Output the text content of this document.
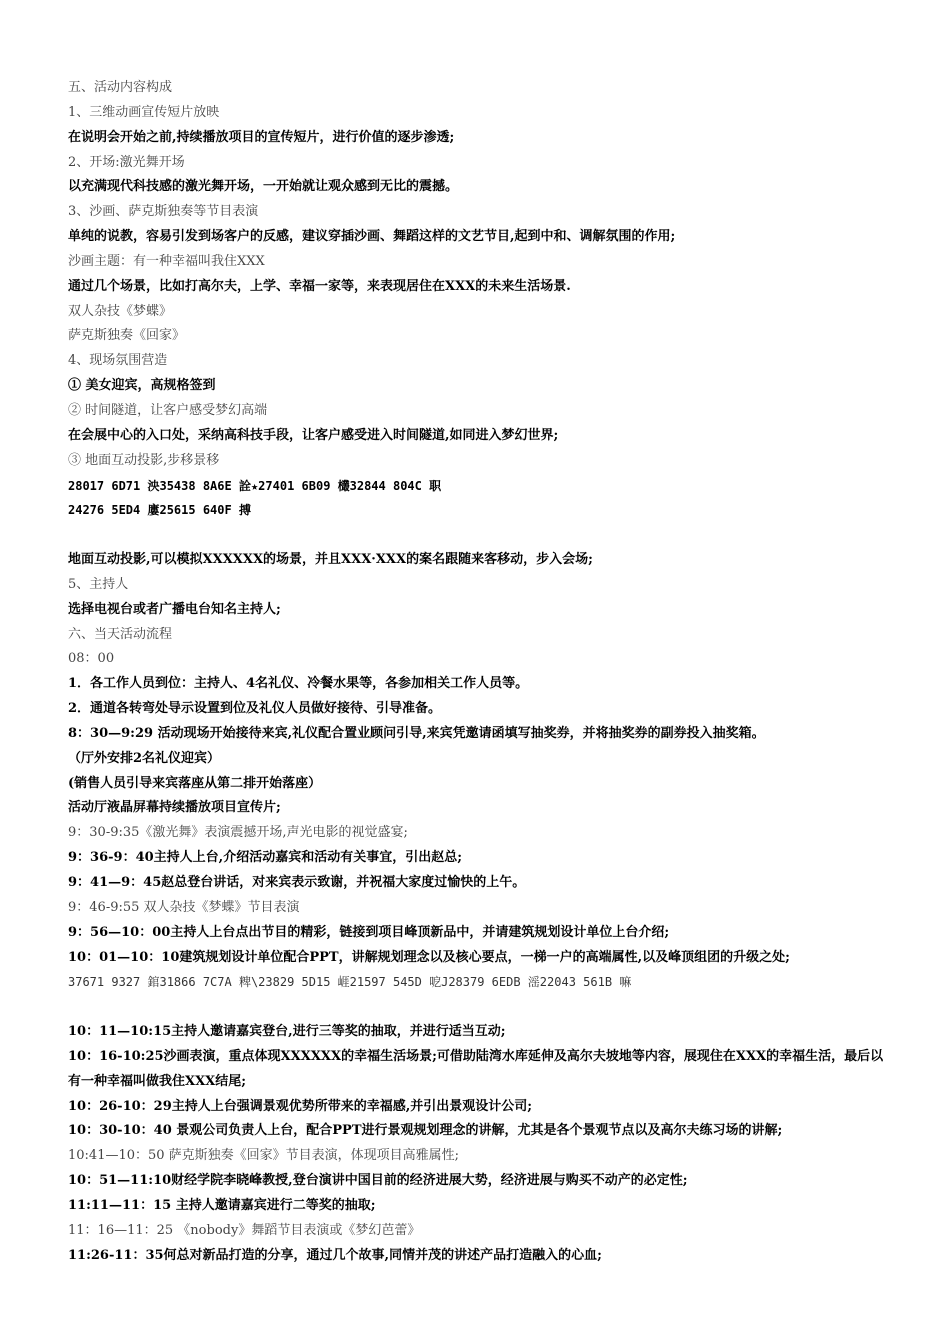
五、活动内容构成
1、三维动画宣传短片放映
在说明会开始之前,持续播放项目的宣传短片，进行价值的逐步渗透;
2、开场:激光舞开场
以充满现代科技感的激光舞开场，一开始就让观众感到无比的震撼。
3、沙画、萨克斯独奏等节目表演
单纯的说教，容易引发到场客户的反感，建议穿插沙画、舞蹈这样的文艺节目,起到中和、调解氛围的作用;
沙画主题：有一种幸福叫我住XXX
通过几个场景，比如打高尔夫，上学、幸福一家等，来表现居住在XXX的未来生活场景.
双人杂技《梦蝶》
萨克斯独奏《回家》
4、现场氛围营造
① 美女迎宾，高规格签到
② 时间隧道，让客户感受梦幻高端
在会展中心的入口处，采纳高科技手段，让客户感受进入时间隧道,如同进入梦幻世界;
③ 地面互动投影,步移景移
28017 6D71 泱35438 8A6E 詮★27401 6B09 欉32844 804C 职
24276 5ED4 廔25615 640F 搏
地面互动投影,可以模拟XXXXXX的场景，并且XXX·XXX的案名跟随来客移动，步入会场;
5、主持人
选择电视台或者广播电台知名主持人;
六、当天活动流程
08：00
1．各工作人员到位：主持人、4名礼仪、冷餐水果等，各参加相关工作人员等。
2．通道各转弯处导示设置到位及礼仪人员做好接待、引导准备。
8：30—9:29 活动现场开始接待来宾,礼仪配合置业顾问引导,来宾凭邀请函填写抽奖券，并将抽奖券的副券投入抽奖箱。
（厅外安排2名礼仪迎宾）
(销售人员引导来宾落座从第二排开始落座）
活动厅液晶屏幕持续播放项目宣传片;
9：30-9:35《激光舞》表演震撼开场,声光电影的视觉盛宴;
9：36-9：40主持人上台,介绍活动嘉宾和活动有关事宜，引出赵总;
9：41—9：45赵总登台讲话，对来宾表示致谢，并祝福大家度过愉快的上午。
9：46-9:55 双人杂技《梦蝶》节目表演
9：56—10：00主持人上台点出节目的精彩，链接到项目峰顶新品中，并请建筑规划设计单位上台介绍;
10：01—10：10建筑规划设计单位配合PPT，讲解规划理念以及核心要点，一梯一户的高端属性,以及峰顶组团的升级之处;
37671 9327 錧31866 7C7A 粺\23829 5D15 崕21597 545D 呝J28379 6EDB 滛22043 561B 嘛
10：11—10:15主持人邀请嘉宾登台,进行三等奖的抽取，并进行适当互动;
10：16-10:25沙画表演，重点体现XXXXXX的幸福生活场景;可借助陆湾水库延伸及高尔夫坡地等内容，展现住在XXX的幸福生活，最后以有一种幸福叫做我住XXX结尾;
10：26-10：29主持人上台强调景观优势所带来的幸福感,并引出景观设计公司;
10：30-10：40 景观公司负责人上台，配合PPT进行景观规划理念的讲解，尤其是各个景观节点以及高尔夫练习场的讲解;
10:41—10：50 萨克斯独奏《回家》节目表演，体现项目高雅属性;
10：51—11:10财经学院李晓峰教授,登台演讲中国目前的经济进展大势，经济进展与购买不动产的必定性;
11:11—11：15 主持人邀请嘉宾进行二等奖的抽取;
11：16—11：25 《nobody》舞蹈节目表演或《梦幻芭蕾》
11:26-11：35何总对新品打造的分享，通过几个故事,同情并茂的讲述产品打造融入的心血;
